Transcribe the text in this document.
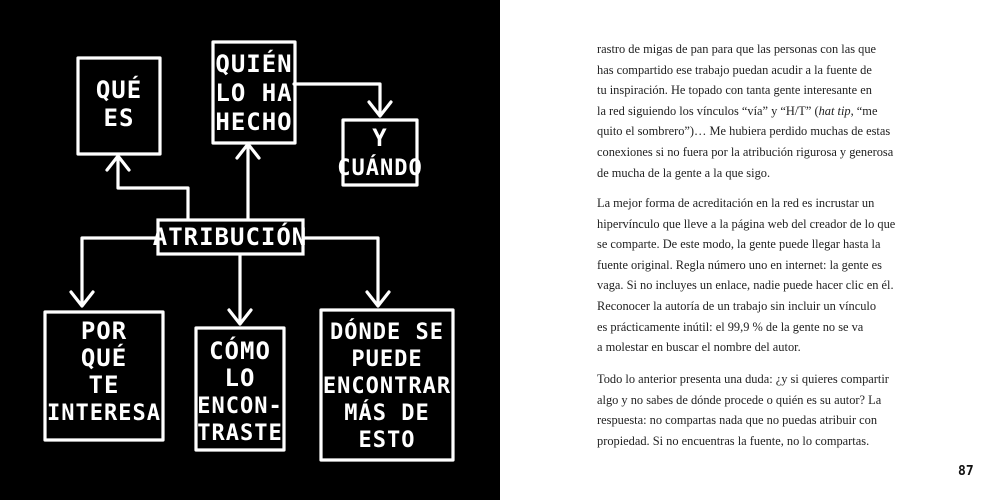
QUÉ
ES
QUIÉN
LO HA
HECHO
Y
CUÁNDO
ATRIBUCIÓN
POR
QUÉ
TE
INTERESA
CÓMO
LO
ENCON-
TRASTE
DÓNDE SE
PUEDE
ENCONTRAR
MÁS DE
ESTO
rastro de migas de pan para que las personas con las que
has compartido ese trabajo puedan acudir a la fuente de
tu inspiración. He topado con tanta gente interesante en
la red siguiendo los vínculos “vía” y “H/T” (hat tip, “me
quito el sombrero”)… Me hubiera perdido muchas de estas
conexiones si no fuera por la atribución rigurosa y generosa
de mucha de la gente a la que sigo.
La mejor forma de acreditación en la red es incrustar un
hipervínculo que lleve a la página web del creador de lo que
se comparte. De este modo, la gente puede llegar hasta la
fuente original. Regla número uno en internet: la gente es
vaga. Si no incluyes un enlace, nadie puede hacer clic en él.
Reconocer la autoría de un trabajo sin incluir un vínculo
es prácticamente inútil: el 99,9 % de la gente no se va
a molestar en buscar el nombre del autor.
Todo lo anterior presenta una duda: ¿y si quieres compartir
algo y no sabes de dónde procede o quién es su autor? La
respuesta: no compartas nada que no puedas atribuir con
propiedad. Si no encuentras la fuente, no lo compartas.
87
